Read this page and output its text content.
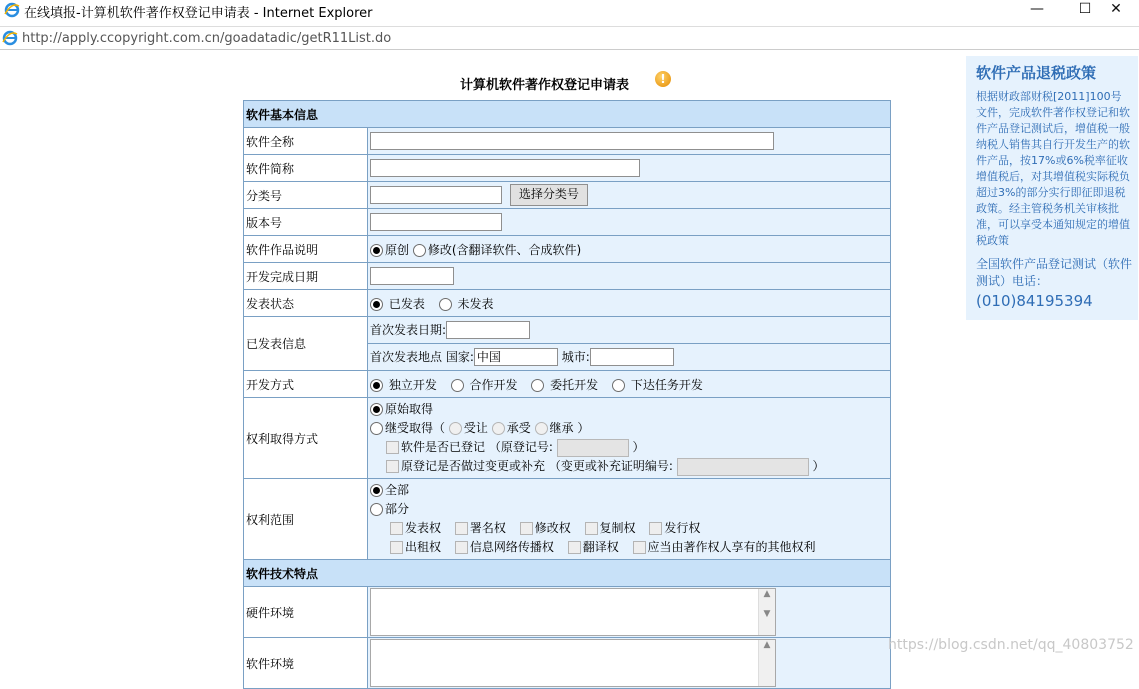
在线填报-计算机软件著作权登记申请表 - Internet Explorer	—	☐	✕
http://apply.ccopyright.com.cn/goadatadic/getR11List.do
计算机软件著作权登记申请表	!
软件基本信息	
软件全称	
软件简称	
分类号	选择分类号
版本号	
软件作品说明	原创 修改(含翻译软件、合成软件)
开发完成日期	
发表状态	已发表 未发表
已发表信息	首次发表日期:
	首次发表地点 国家: 中国 城市:
开发方式	独立开发 合作开发 委托开发 下达任务开发
权利取得方式	原始取得
继受取得（ 受让 承受 继承 ）
软件是否已登记 （原登记号: ）
原登记是否做过变更或补充 （变更或补充证明编号: ）

权利范围	全部
部分
发表权 署名权 修改权 复制权 发行权
出租权 信息网络传播权 翻译权 应当由著作权人享有的其他权利

软件技术特点	
硬件环境	▲

▼

软件环境	▲
软件产品退税政策
根据财政部财税[2011]100号文件，完成软件著作权登记和软件产品登记测试后，增值税一般纳税人销售其自行开发生产的软件产品，按17%或6%税率征收增值税后，对其增值税实际税负超过3%的部分实行即征即退税政策。经主管税务机关审核批准，可以享受本通知规定的增值税政策
全国软件产品登记测试（软件测试）电话：
(010)84195394
https://blog.csdn.net/qq_40803752
